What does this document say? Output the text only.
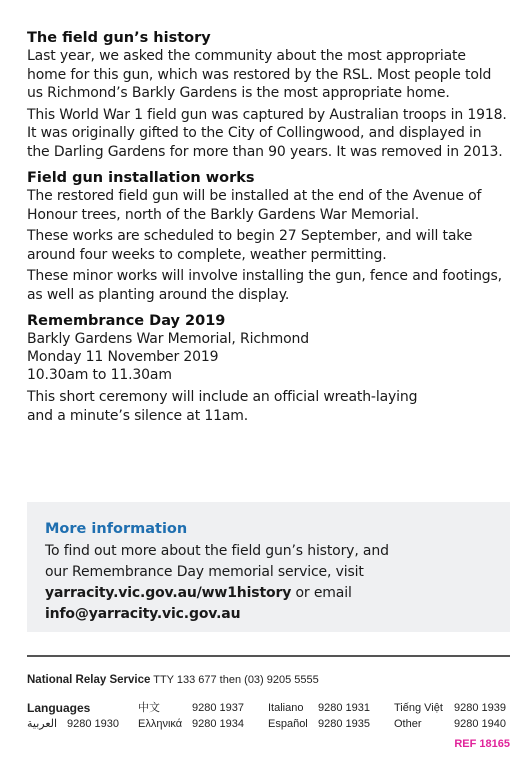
The field gun’s history

Last year, we asked the community about the most appropriate home for this gun, which was restored by the RSL. Most people told us Richmond’s Barkly Gardens is the most appropriate home.

This World War 1 field gun was captured by Australian troops in 1918. It was originally gifted to the City of Collingwood, and displayed in the Darling Gardens for more than 90 years. It was removed in 2013.

Field gun installation works

The restored field gun will be installed at the end of the Avenue of Honour trees, north of the Barkly Gardens War Memorial.

These works are scheduled to begin 27 September, and will take around four weeks to complete, weather permitting.

These minor works will involve installing the gun, fence and footings, as well as planting around the display.

Remembrance Day 2019
Barkly Gardens War Memorial, Richmond
Monday 11 November 2019
10.30am to 11.30am

This short ceremony will include an official wreath-laying and a minute’s silence at 11am.

More information
To find out more about the field gun’s history, and our Remembrance Day memorial service, visit yarracity.vic.gov.au/ww1history or email info@yarracity.vic.gov.au
National Relay Service TTY 133 677 then (03) 9205 5555
Languages
العربية 9280 1930
中文	9280 1937
Ελληνικά 9280 1934
Italiano 9280 1931
Español 9280 1935
Tiếng Việt 9280 1939
Other	9280 1940
REF 18165
